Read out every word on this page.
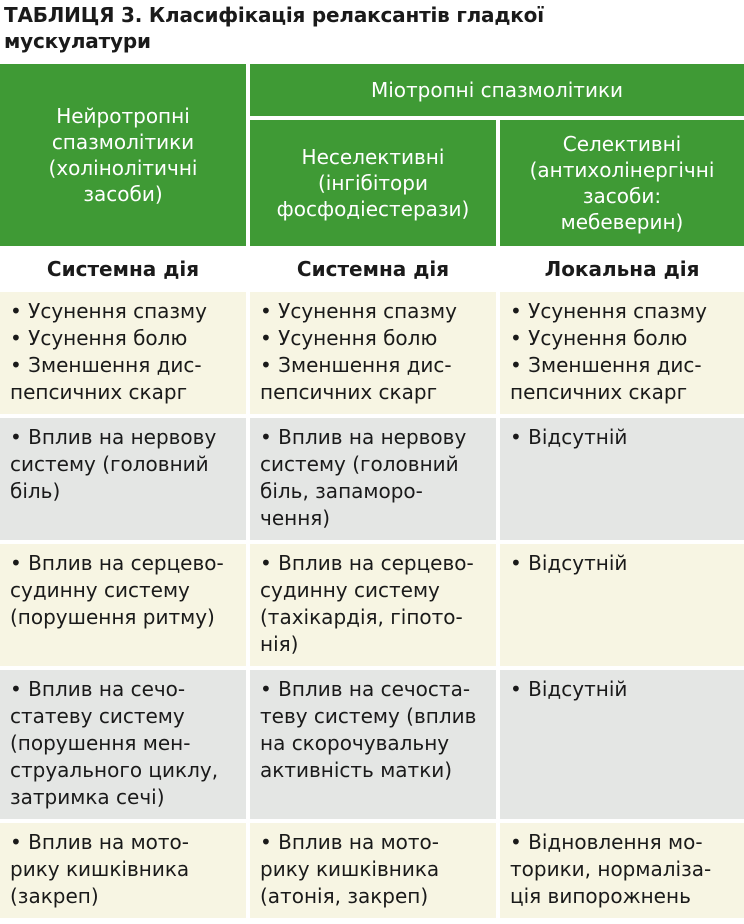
ТАБЛИЦЯ 3. Класифікація релаксантів гладкої
мускулатури
Нейротропні
спазмолітики
(холінолітичні
засоби)	Міотропні спазмолітики	

	Неселективні
(інгібітори
фосфодіестерази)	Селективні
(антихолінергічні
засоби:
мебеверин)

Системна дія	Системна дія	Локальна дія

• Усунення спазму
• Усунення болю
• Зменшення дис-
пепсичних скарг	• Усунення спазму
• Усунення болю
• Зменшення дис-
пепсичних скарг	• Усунення спазму
• Усунення болю
• Зменшення дис-
пепсичних скарг

• Вплив на нервову
систему (головний
біль)	• Вплив на нервову
систему (головний
біль, запаморо-
чення)	• Відсутній

• Вплив на серцево-
судинну систему
(порушення ритму)	• Вплив на серцево-
судинну систему
(тахікардія, гіпото-
нія)	• Відсутній

• Вплив на сечо-
статеву систему
(порушення мен-
струального циклу,
затримка сечі)	• Вплив на сечоста-
теву систему (вплив
на скорочувальну
активність матки)	• Відсутній

• Вплив на мото-
рику кишківника
(закреп)	• Вплив на мото-
рику кишківника
(атонія, закреп)	• Відновлення мо-
торики, нормаліза-
ція випорожнень
